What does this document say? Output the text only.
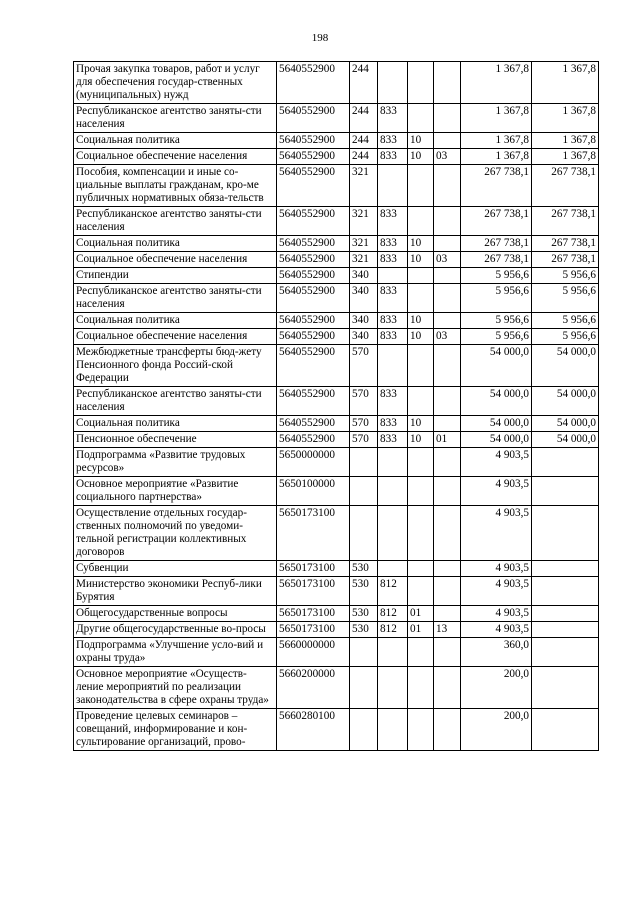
198
Прочая закупка товаров, работ и услуг для обеспечения государ-ственных (муниципальных) нужд	5640552900	244				1 367,8	1 367,8
Республиканское агентство заняты-сти населения	5640552900	244	833			1 367,8	1 367,8
Социальная политика	5640552900	244	833	10		1 367,8	1 367,8
Социальное обеспечение населения	5640552900	244	833	10	03	1 367,8	1 367,8
Пособия, компенсации и иные со-циальные выплаты гражданам, кро-ме публичных нормативных обяза-тельств	5640552900	321				267 738,1	267 738,1
Республиканское агентство заняты-сти населения	5640552900	321	833			267 738,1	267 738,1
Социальная политика	5640552900	321	833	10		267 738,1	267 738,1
Социальное обеспечение населения	5640552900	321	833	10	03	267 738,1	267 738,1
Стипендии	5640552900	340				5 956,6	5 956,6
Республиканское агентство заняты-сти населения	5640552900	340	833			5 956,6	5 956,6
Социальная политика	5640552900	340	833	10		5 956,6	5 956,6
Социальное обеспечение населения	5640552900	340	833	10	03	5 956,6	5 956,6
Межбюджетные трансферты бюд-жету Пенсионного фонда Россий-ской Федерации	5640552900	570				54 000,0	54 000,0
Республиканское агентство заняты-сти населения	5640552900	570	833			54 000,0	54 000,0
Социальная политика	5640552900	570	833	10		54 000,0	54 000,0
Пенсионное обеспечение	5640552900	570	833	10	01	54 000,0	54 000,0
Подпрограмма «Развитие трудовых ресурсов»	5650000000					4 903,5	
Основное мероприятие «Развитие социального партнерства»	5650100000					4 903,5	
Осуществление отдельных государ-ственных полномочий по уведоми-тельной регистрации коллективных договоров	5650173100					4 903,5	
Субвенции	5650173100	530				4 903,5	
Министерство экономики Респуб-лики Бурятия	5650173100	530	812			4 903,5	
Общегосударственные вопросы	5650173100	530	812	01		4 903,5	
Другие общегосударственные во-просы	5650173100	530	812	01	13	4 903,5	
Подпрограмма «Улучшение усло-вий и охраны труда»	5660000000					360,0	
Основное мероприятие «Осуществ-ление мероприятий по реализации законодательства в сфере охраны труда»	5660200000					200,0	
Проведение целевых семинаров – совещаний, информирование и кон-сультирование организаций, прово-	5660280100					200,0	
